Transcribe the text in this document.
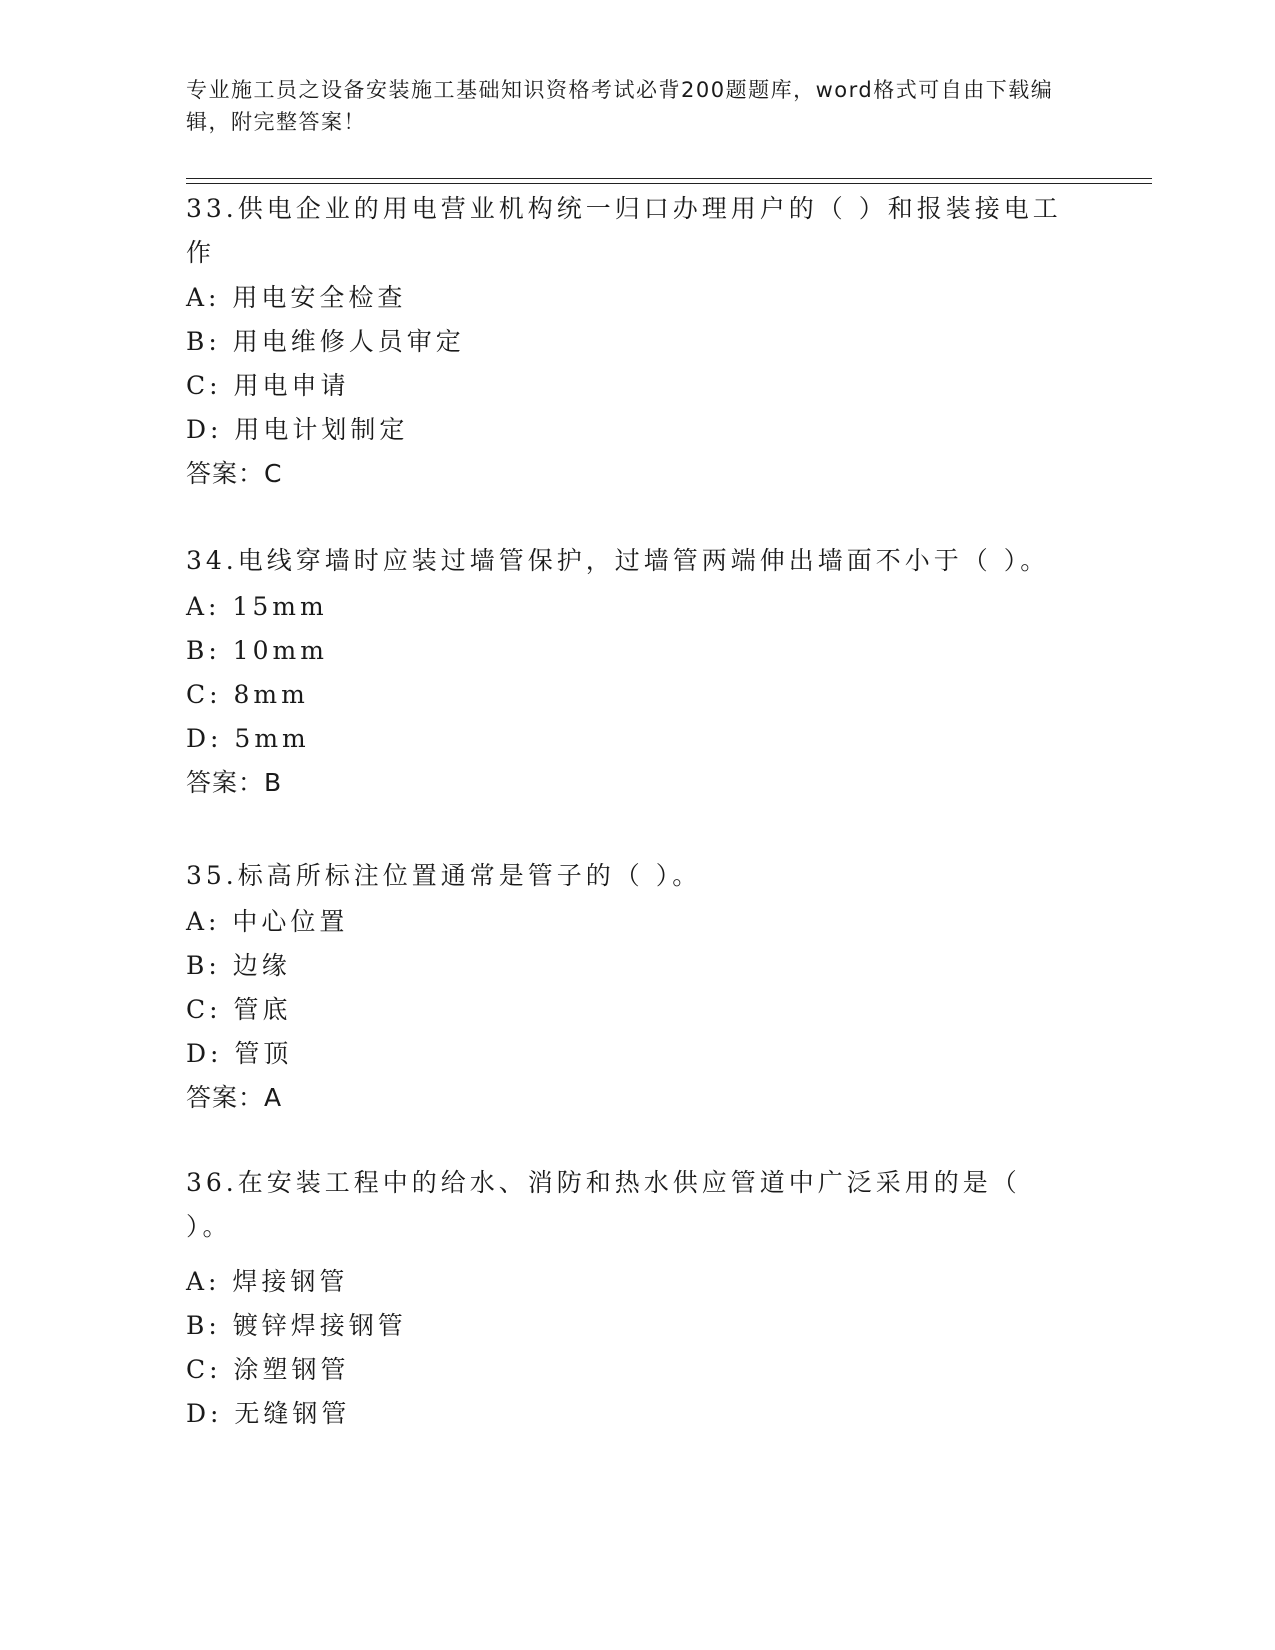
专业施工员之设备安装施工基础知识资格考试必背200题题库，word格式可自由下载编辑，附完整答案！
33.供电企业的用电营业机构统一归口办理用户的（ ）和报装接电工作
A: 用电安全检查
B: 用电维修人员审定
C: 用电申请
D: 用电计划制定
答案：C
34.电线穿墙时应装过墙管保护，过墙管两端伸出墙面不小于（ ）。
A: 15mm
B: 10mm
C: 8mm
D: 5mm
答案：B
35.标高所标注位置通常是管子的（ ）。
A: 中心位置
B: 边缘
C: 管底
D: 管顶
答案：A
36.在安装工程中的给水、消防和热水供应管道中广泛采用的是（ ）。
A: 焊接钢管
B: 镀锌焊接钢管
C: 涂塑钢管
D: 无缝钢管
